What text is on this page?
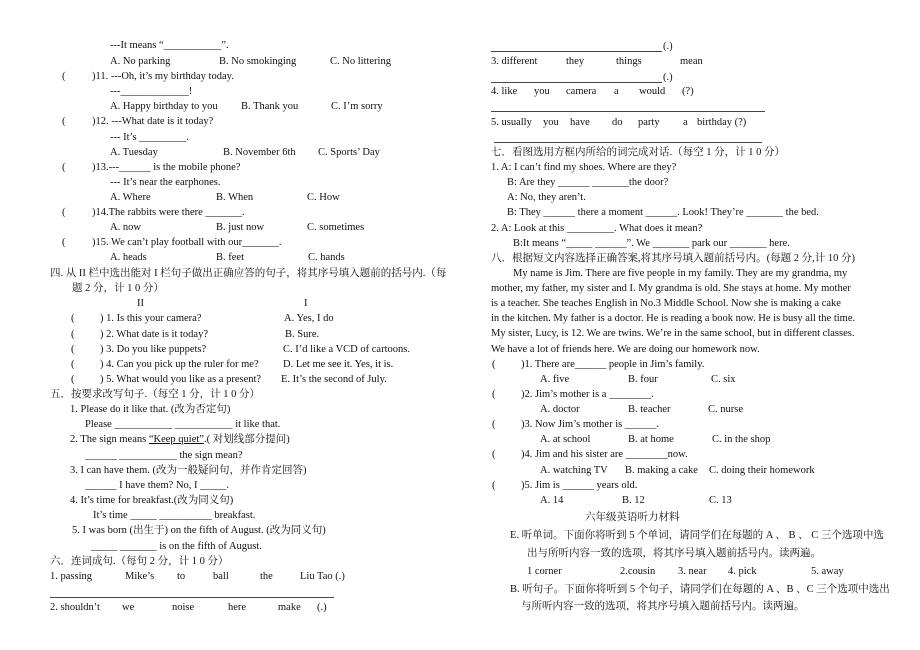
---It means “___________”.
A. No parking	B. No smokinging	C. No littering
(	)11. ---Oh, it’s my birthday today.
---_____________!
A. Happy birthday to you B. Thank you	C. I’m sorry
(	)12. ---What date is it today?
--- It’s _________.
A. Tuesday	B. November 6th C. Sports’ Day
(	)13.---______ is the mobile phone?
--- It’s near the earphones.
A. Where	B. When	C. How
(	)14.The rabbits were there _______.
A. now	B. just now	C. sometimes
(	)15. We can’t play football with our_______.
A. heads	B. feet	C. hands
四. 从 II 栏中选出能对 I 栏句子做出正确应答的句子，将其序号填入题前的括号内.（每
题 2 分，计 1 0 分）
II	I
( ) 1. Is this your camera?	A. Yes, I do
( ) 2. What date is it today?	B. Sure.
( ) 3. Do you like puppets?	C. I’d like a VCD of cartoons.
( ) 4. Can you pick up the ruler for me? D. Let me see it. Yes, it is.
( ) 5. What would you like as a present? E. It’s the second of July.
五．按要求改写句子.（每空 1 分，计 1 0 分）
1. Please do it like that. (改为否定句)
Please ___________ ___________ it like that.
2. The sign means “Keep quiet”.( 对划线部分提问)
______ ___________ the sign mean?
3. I can have them. (改为一般疑问句，并作肯定回答)
______ I have them? No, I _____.
4. It’s time for breakfast.(改为同义句)
It’s time _____ __________ breakfast.
5. I was born (出生于) on the fifth of August. (改为同义句)
_____ _______ is on the fifth of August.
六．连词成句.（每句 2 分，计 1 0 分）
1. passing	Mike’s to	ball	the	Liu Tao (.)
2. shouldn’t we	noise	here	make (.)
(.)
3. different	they	things	mean
(.)
4. like you camera a would (?)
5. usually you have do party a birthday (?)
七．看图选用方框内所给的词完成对话.（每空 1 分，计 1 0 分）
1. A: I can’t find my shoes. Where are they?
B: Are they ______ _______the door?
A: No, they aren’t.
B: They ______ there a moment ______. Look! They’re _______ the bed.
2. A: Look at this _________. What does it mean?
B:It means “_____ ______”. We _______ park our _______ here.
八．根据短文内容选择正确答案,将其序号填入题前括号内。(每题 2 分,计 10 分)
My name is Jim. There are five people in my family. They are my grandma, my
mother, my father, my sister and I. My grandma is old. She stays at home. My mother
is a teacher. She teaches English in No.3 Middle School. Now she is making a cake
in the kitchen. My father is a doctor. He is reading a book now. He is busy all the time.
My sister, Lucy, is 12. We are twins. We’re in the same school, but in different classes.
We have a lot of friends here. We are doing our homework now.
( )1. There are______ people in Jim’s family.
A. five	B. four	C. six
( )2. Jim’s mother is a ________.
A. doctor	B. teacher	C. nurse
( )3. Now Jim’s mother is ______.
A. at school	B. at home	C. in the shop
( )4. Jim and his sister are ________now.
A. watching TV B. making a cake C. doing their homework
( )5. Jim is ______ years old.
A. 14	B. 12	C. 13
六年级英语听力材料
E. 听单词。下面你将听到 5 个单词，请同学们在每题的 A 、 B 、 C 三个选项中选
出与所听内容一致的选项，将其序号填入题前括号内。读两遍。
1 corner	2.cousin 3. near 4. pick	5. away
B. 听句子。下面你将听到 5 个句子，请同学们在每题的 A 、B 、C 三个选项中选出
与所听内容一致的选项，将其序号填入题前括号内。读两遍。
